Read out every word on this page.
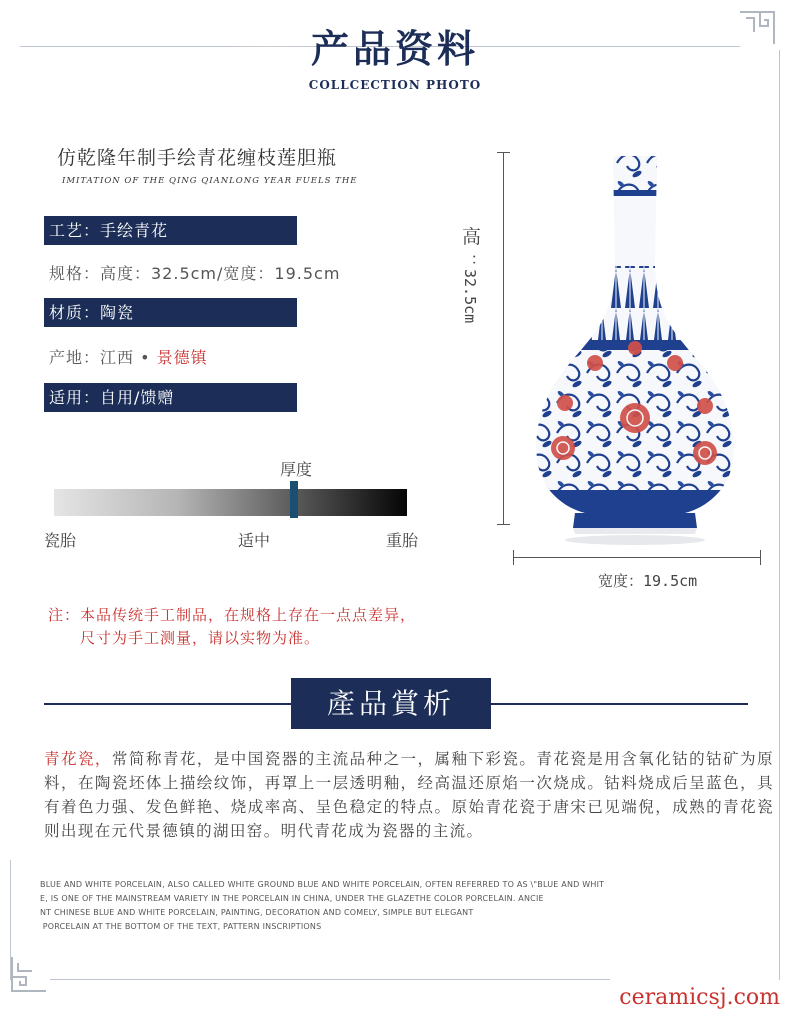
产品资料
COLLCECTION PHOTO
仿乾隆年制手绘青花缠枝莲胆瓶
IMITATION OF THE QING QIANLONG YEAR FUELS THE
工艺：手绘青花
规格：高度：32.5cm/宽度：19.5cm
材质：陶瓷
产地：江西 • 景德镇
适用：自用/馈赠
厚度
瓷胎	适中	重胎
注：本品传统手工制品，在规格上存在一点点差异，
尺寸为手工测量，请以实物为准。
高
：32.5cm
宽度：19.5cm
產品賞析
青花瓷，常简称青花，是中国瓷器的主流品种之一，属釉下彩瓷。青花瓷是用含氧化钴的钴矿为原料，在陶瓷坯体上描绘纹饰，再罩上一层透明釉，经高温还原焰一次烧成。钴料烧成后呈蓝色，具有着色力强、发色鲜艳、烧成率高、呈色稳定的特点。原始青花瓷于唐宋已见端倪，成熟的青花瓷则出现在元代景德镇的湖田窑。明代青花成为瓷器的主流。
BLUE AND WHITE PORCELAIN, ALSO CALLED WHITE GROUND BLUE AND WHITE PORCELAIN, OFTEN REFERRED TO AS \"BLUE AND WHIT
E, IS ONE OF THE MAINSTREAM VARIETY IN THE PORCELAIN IN CHINA, UNDER THE GLAZETHE COLOR PORCELAIN. ANCIE
NT CHINESE BLUE AND WHITE PORCELAIN, PAINTING, DECORATION AND COMELY, SIMPLE BUT ELEGANT
PORCELAIN AT THE BOTTOM OF THE TEXT, PATTERN INSCRIPTIONS
ceramicsj.com
